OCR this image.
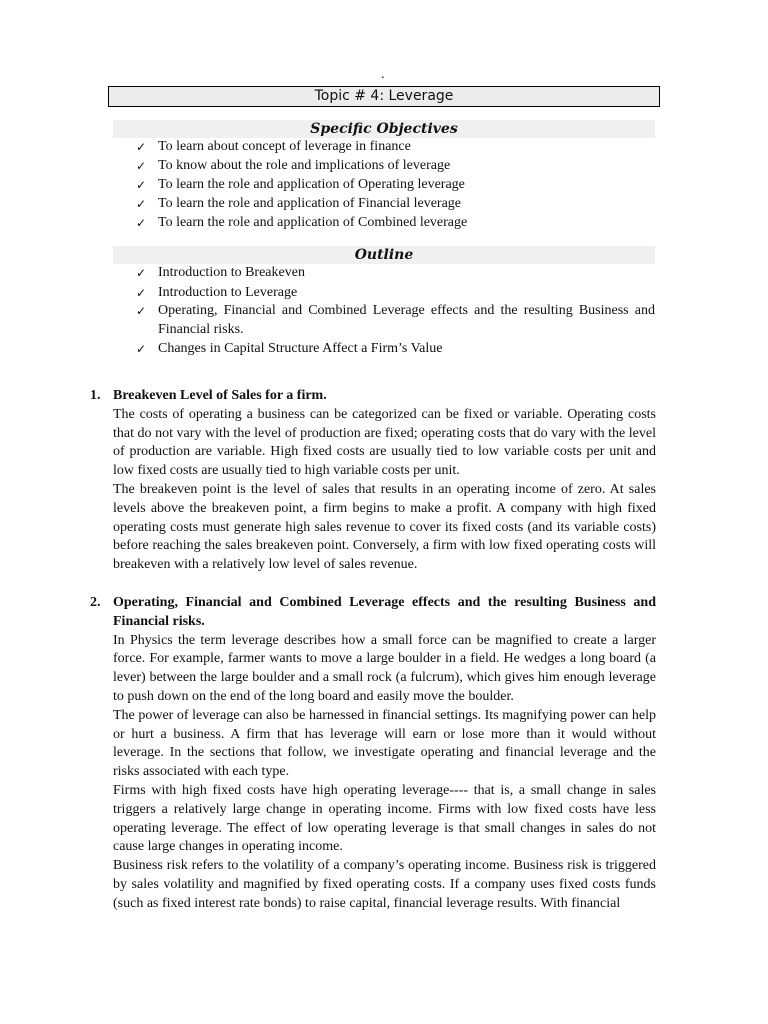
.
Topic # 4: Leverage
Specific Objectives
✓ To learn about concept of leverage in finance
✓ To know about the role and implications of leverage
✓ To learn the role and application of Operating leverage
✓ To learn the role and application of Financial leverage
✓ To learn the role and application of Combined leverage
Outline
✓ Introduction to Breakeven
✓ Introduction to Leverage
✓ Operating, Financial and Combined Leverage effects and the resulting Business and Financial risks.
✓ Changes in Capital Structure Affect a Firm’s Value
1. Breakeven Level of Sales for a firm.
The costs of operating a business can be categorized can be fixed or variable. Operating costs that do not vary with the level of production are fixed; operating costs that do vary with the level of production are variable. High fixed costs are usually tied to low variable costs per unit and low fixed costs are usually tied to high variable costs per unit.
The breakeven point is the level of sales that results in an operating income of zero. At sales levels above the breakeven point, a firm begins to make a profit. A company with high fixed operating costs must generate high sales revenue to cover its fixed costs (and its variable costs) before reaching the sales breakeven point. Conversely, a firm with low fixed operating costs will breakeven with a relatively low level of sales revenue.
2. Operating, Financial and Combined Leverage effects and the resulting Business and Financial risks.
In Physics the term leverage describes how a small force can be magnified to create a larger force. For example, farmer wants to move a large boulder in a field. He wedges a long board (a lever) between the large boulder and a small rock (a fulcrum), which gives him enough leverage to push down on the end of the long board and easily move the boulder.
The power of leverage can also be harnessed in financial settings. Its magnifying power can help or hurt a business. A firm that has leverage will earn or lose more than it would without leverage. In the sections that follow, we investigate operating and financial leverage and the risks associated with each type.
Firms with high fixed costs have high operating leverage---- that is, a small change in sales triggers a relatively large change in operating income. Firms with low fixed costs have less operating leverage. The effect of low operating leverage is that small changes in sales do not cause large changes in operating income.
Business risk refers to the volatility of a company’s operating income. Business risk is triggered by sales volatility and magnified by fixed operating costs. If a company uses fixed costs funds (such as fixed interest rate bonds) to raise capital, financial leverage results. With financial
